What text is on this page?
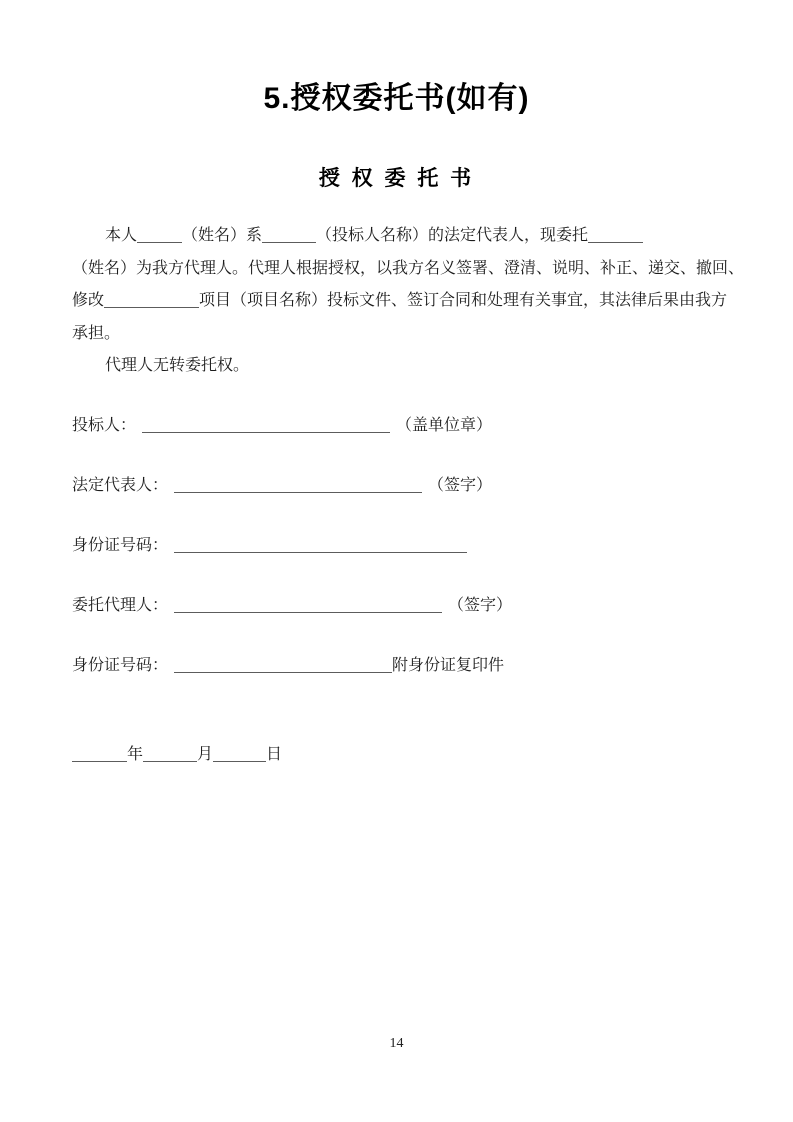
5.授权委托书(如有)
授 权 委 托 书
本人	（姓名）系	（投标人名称）的法定代表人，现委托
（姓名）为我方代理人。代理人根据授权，以我方名义签署、澄清、说明、补正、递交、撤回、
修改	项目（项目名称）投标文件、签订合同和处理有关事宜，其法律后果由我方
承担。
代理人无转委托权。
投标人：	（盖单位章）
法定代表人：	（签字）
身份证号码：
委托代理人：	（签字）
身份证号码：	附身份证复印件
年	月	日
14
